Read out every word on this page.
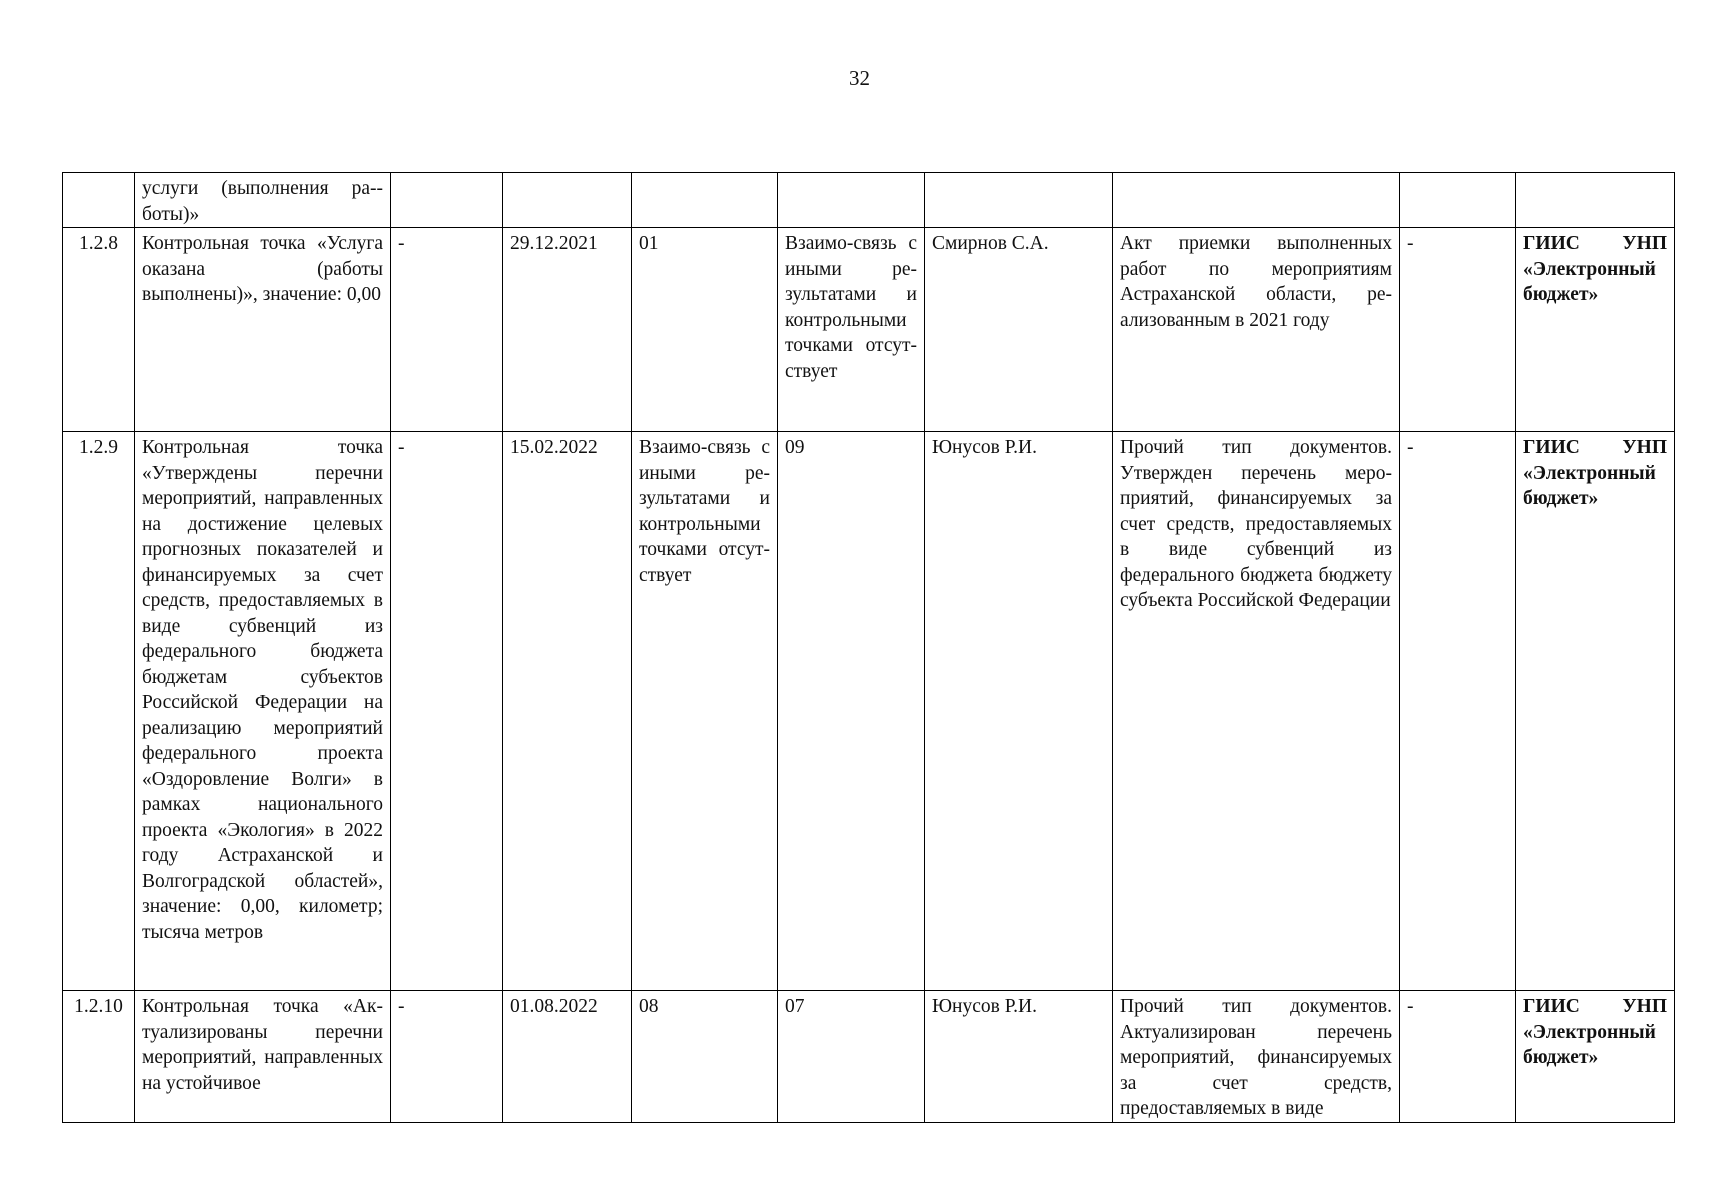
32
	услуги (выполнения ра-боты)»								
1.2.8	Контрольная точка «Услуга оказана (работы выполнены)», значение: 0,00	-	29.12.2021	01	Взаимо-связь с иными результатами и контрольными точками отсутствует	Смирнов С.А.	Акт приемки выполненных работ по мероприятиям Астраханской области, реализованным в 2021 году	-	ГИИС УНП «Электронный бюджет»
1.2.9	Контрольная точка «Утверждены перечни мероприятий, направленных на достижение целевых прогнозных показателей и финансируемых за счет средств, предоставляемых в виде субвенций из федерального бюджета бюджетам субъектов Российской Федерации на реализацию мероприятий федерального проекта «Оздоровление Волги» в рамках национального проекта «Экология» в 2022 году Астраханской и Волгоградской областей», значение: 0,00, километр; тысяча метров	-	15.02.2022	Взаимо-связь с иными результатами и контрольными точками отсутствует	09	Юнусов Р.И.	Прочий тип документов. Утвержден перечень мероприятий, финансируемых за счет средств, предоставляемых в виде субвенций из федерального бюджета бюджету субъекта Российской Федерации	-	ГИИС УНП «Электронный бюджет»
1.2.10	Контрольная точка «Актуализированы перечни мероприятий, направленных на устойчивое	-	01.08.2022	08	07	Юнусов Р.И.	Прочий тип документов. Актуализирован перечень мероприятий, финансируемых за счет средств, предоставляемых в виде	-	ГИИС УНП «Электронный бюджет»
